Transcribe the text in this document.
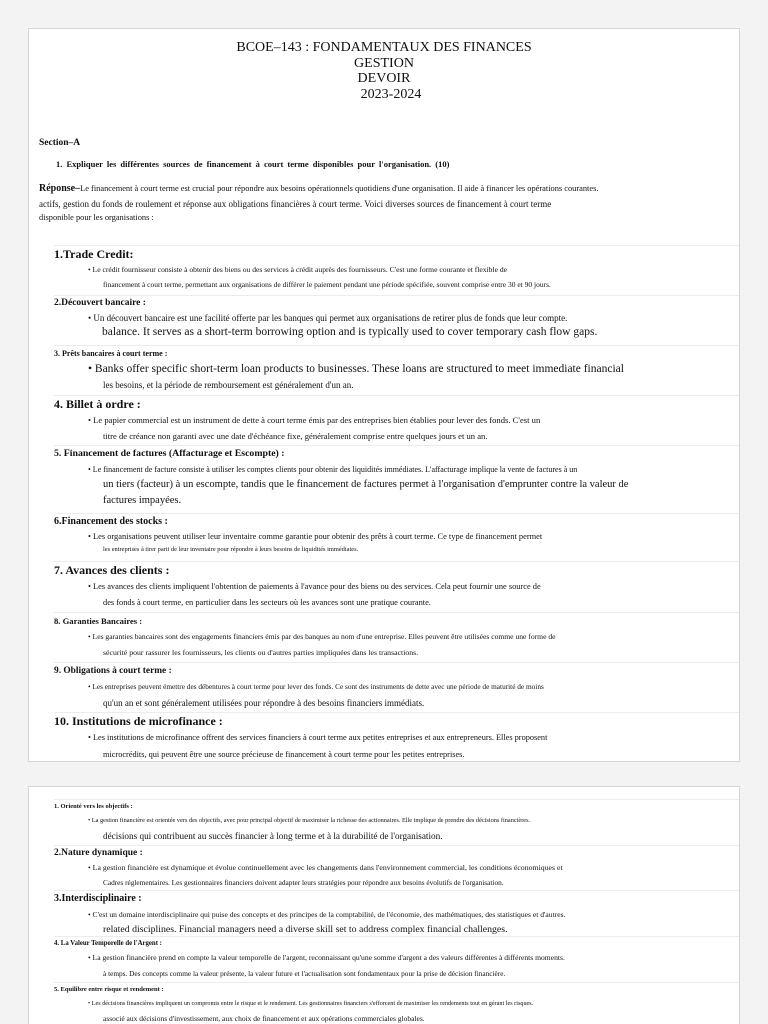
BCOE–143 : FONDAMENTAUX DES FINANCES
GESTION
DEVOIR
2023-2024
Section–A
1. Expliquer les différentes sources de financement à court terme disponibles pour l'organisation. (10)
Réponse–Le financement à court terme est crucial pour répondre aux besoins opérationnels quotidiens d'une organisation. Il aide à financer les opérations courantes.
actifs, gestion du fonds de roulement et réponse aux obligations financières à court terme. Voici diverses sources de financement à court terme
disponible pour les organisations :
1.Trade Credit:
• Le crédit fournisseur consiste à obtenir des biens ou des services à crédit auprès des fournisseurs. C'est une forme courante et flexible de
financement à court terme, permettant aux organisations de différer le paiement pendant une période spécifiée, souvent comprise entre 30 et 90 jours.
2.Découvert bancaire :
• Un découvert bancaire est une facilité offerte par les banques qui permet aux organisations de retirer plus de fonds que leur compte.
balance. It serves as a short-term borrowing option and is typically used to cover temporary cash flow gaps.
3. Prêts bancaires à court terme :
• Banks offer specific short-term loan products to businesses. These loans are structured to meet immediate financial
les besoins, et la période de remboursement est généralement d'un an.
4. Billet à ordre :
• Le papier commercial est un instrument de dette à court terme émis par des entreprises bien établies pour lever des fonds. C'est un
titre de créance non garanti avec une date d'échéance fixe, généralement comprise entre quelques jours et un an.
5. Financement de factures (Affacturage et Escompte) :
• Le financement de facture consiste à utiliser les comptes clients pour obtenir des liquidités immédiates. L'affacturage implique la vente de factures à un
un tiers (facteur) à un escompte, tandis que le financement de factures permet à l'organisation d'emprunter contre la valeur de
factures impayées.
6.Financement des stocks :
• Les organisations peuvent utiliser leur inventaire comme garantie pour obtenir des prêts à court terme. Ce type de financement permet
les entreprises à tirer parti de leur inventaire pour répondre à leurs besoins de liquidités immédiates.
7. Avances des clients :
• Les avances des clients impliquent l'obtention de paiements à l'avance pour des biens ou des services. Cela peut fournir une source de
des fonds à court terme, en particulier dans les secteurs où les avances sont une pratique courante.
8. Garanties Bancaires :
• Les garanties bancaires sont des engagements financiers émis par des banques au nom d'une entreprise. Elles peuvent être utilisées comme une forme de
sécurité pour rassurer les fournisseurs, les clients ou d'autres parties impliquées dans les transactions.
9. Obligations à court terme :
• Les entreprises peuvent émettre des débentures à court terme pour lever des fonds. Ce sont des instruments de dette avec une période de maturité de moins
qu'un an et sont généralement utilisées pour répondre à des besoins financiers immédiats.
10. Institutions de microfinance :
• Les institutions de microfinance offrent des services financiers à court terme aux petites entreprises et aux entrepreneurs. Elles proposent
microcrédits, qui peuvent être une source précieuse de financement à court terme pour les petites entreprises.
1. Orienté vers les objectifs :
• La gestion financière est orientée vers des objectifs, avec pour principal objectif de maximiser la richesse des actionnaires. Elle implique de prendre des décisions financières.
décisions qui contribuent au succès financier à long terme et à la durabilité de l'organisation.
2.Nature dynamique :
• La gestion financière est dynamique et évolue continuellement avec les changements dans l'environnement commercial, les conditions économiques et
Cadres réglementaires. Les gestionnaires financiers doivent adapter leurs stratégies pour répondre aux besoins évolutifs de l'organisation.
3.Interdisciplinaire :
• C'est un domaine interdisciplinaire qui puise des concepts et des principes de la comptabilité, de l'économie, des mathématiques, des statistiques et d'autres.
related disciplines. Financial managers need a diverse skill set to address complex financial challenges.
4. La Valeur Temporelle de l'Argent :
• La gestion financière prend en compte la valeur temporelle de l'argent, reconnaissant qu'une somme d'argent a des valeurs différentes à différents moments.
à temps. Des concepts comme la valeur présente, la valeur future et l'actualisation sont fondamentaux pour la prise de décision financière.
5. Equilibre entre risque et rendement :
• Les décisions financières impliquent un compromis entre le risque et le rendement. Les gestionnaires financiers s'efforcent de maximiser les rendements tout en gérant les risques.
associé aux décisions d'investissement, aux choix de financement et aux opérations commerciales globales.
